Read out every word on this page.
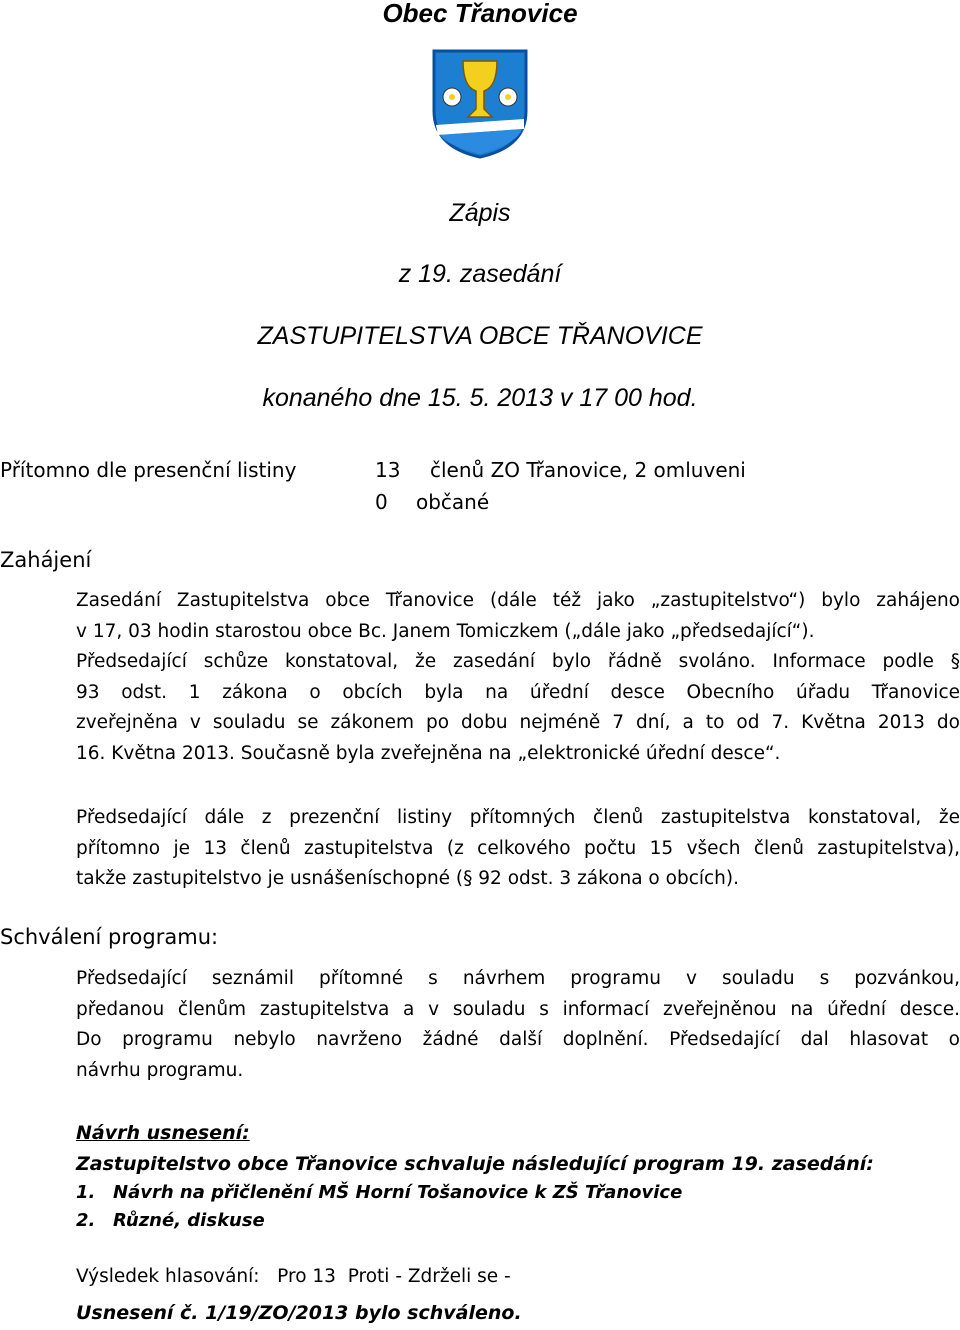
Obec Třanovice
Zápis
z 19. zasedání
ZASTUPITELSTVA OBCE TŘANOVICE
konaného dne 15. 5. 2013 v 17 00 hod.
Přítomno dle presenční listiny	13 členů ZO Třanovice, 2 omluveni
0 občané
Zahájení
Zasedání Zastupitelstva obce Třanovice (dále též jako „zastupitelstvo“) bylo zahájeno
v 17, 03 hodin starostou obce Bc. Janem Tomiczkem („dále jako „předsedající“).
Předsedající schůze konstatoval, že zasedání bylo řádně svoláno. Informace podle §
93 odst. 1 zákona o obcích byla na úřední desce Obecního úřadu Třanovice
zveřejněna v souladu se zákonem po dobu nejméně 7 dní, a to od 7. Května 2013 do
16. Května 2013. Současně byla zveřejněna na „elektronické úřední desce“.
Předsedající dále z prezenční listiny přítomných členů zastupitelstva konstatoval, že
přítomno je 13 členů zastupitelstva (z celkového počtu 15 všech členů zastupitelstva),
takže zastupitelstvo je usnášeníschopné (§ 92 odst. 3 zákona o obcích).
Schválení programu:
Předsedající seznámil přítomné s návrhem programu v souladu s pozvánkou,
předanou členům zastupitelstva a v souladu s informací zveřejněnou na úřední desce.
Do programu nebylo navrženo žádné další doplnění. Předsedající dal hlasovat o
návrhu programu.
Návrh usnesení:
Zastupitelstvo obce Třanovice schvaluje následující program 19. zasedání:
1. Návrh na přičlenění MŠ Horní Tošanovice k ZŠ Třanovice
2. Různé, diskuse
Výsledek hlasování:   Pro 13  Proti - Zdrželi se -
Usnesení č. 1/19/ZO/2013 bylo schváleno.
